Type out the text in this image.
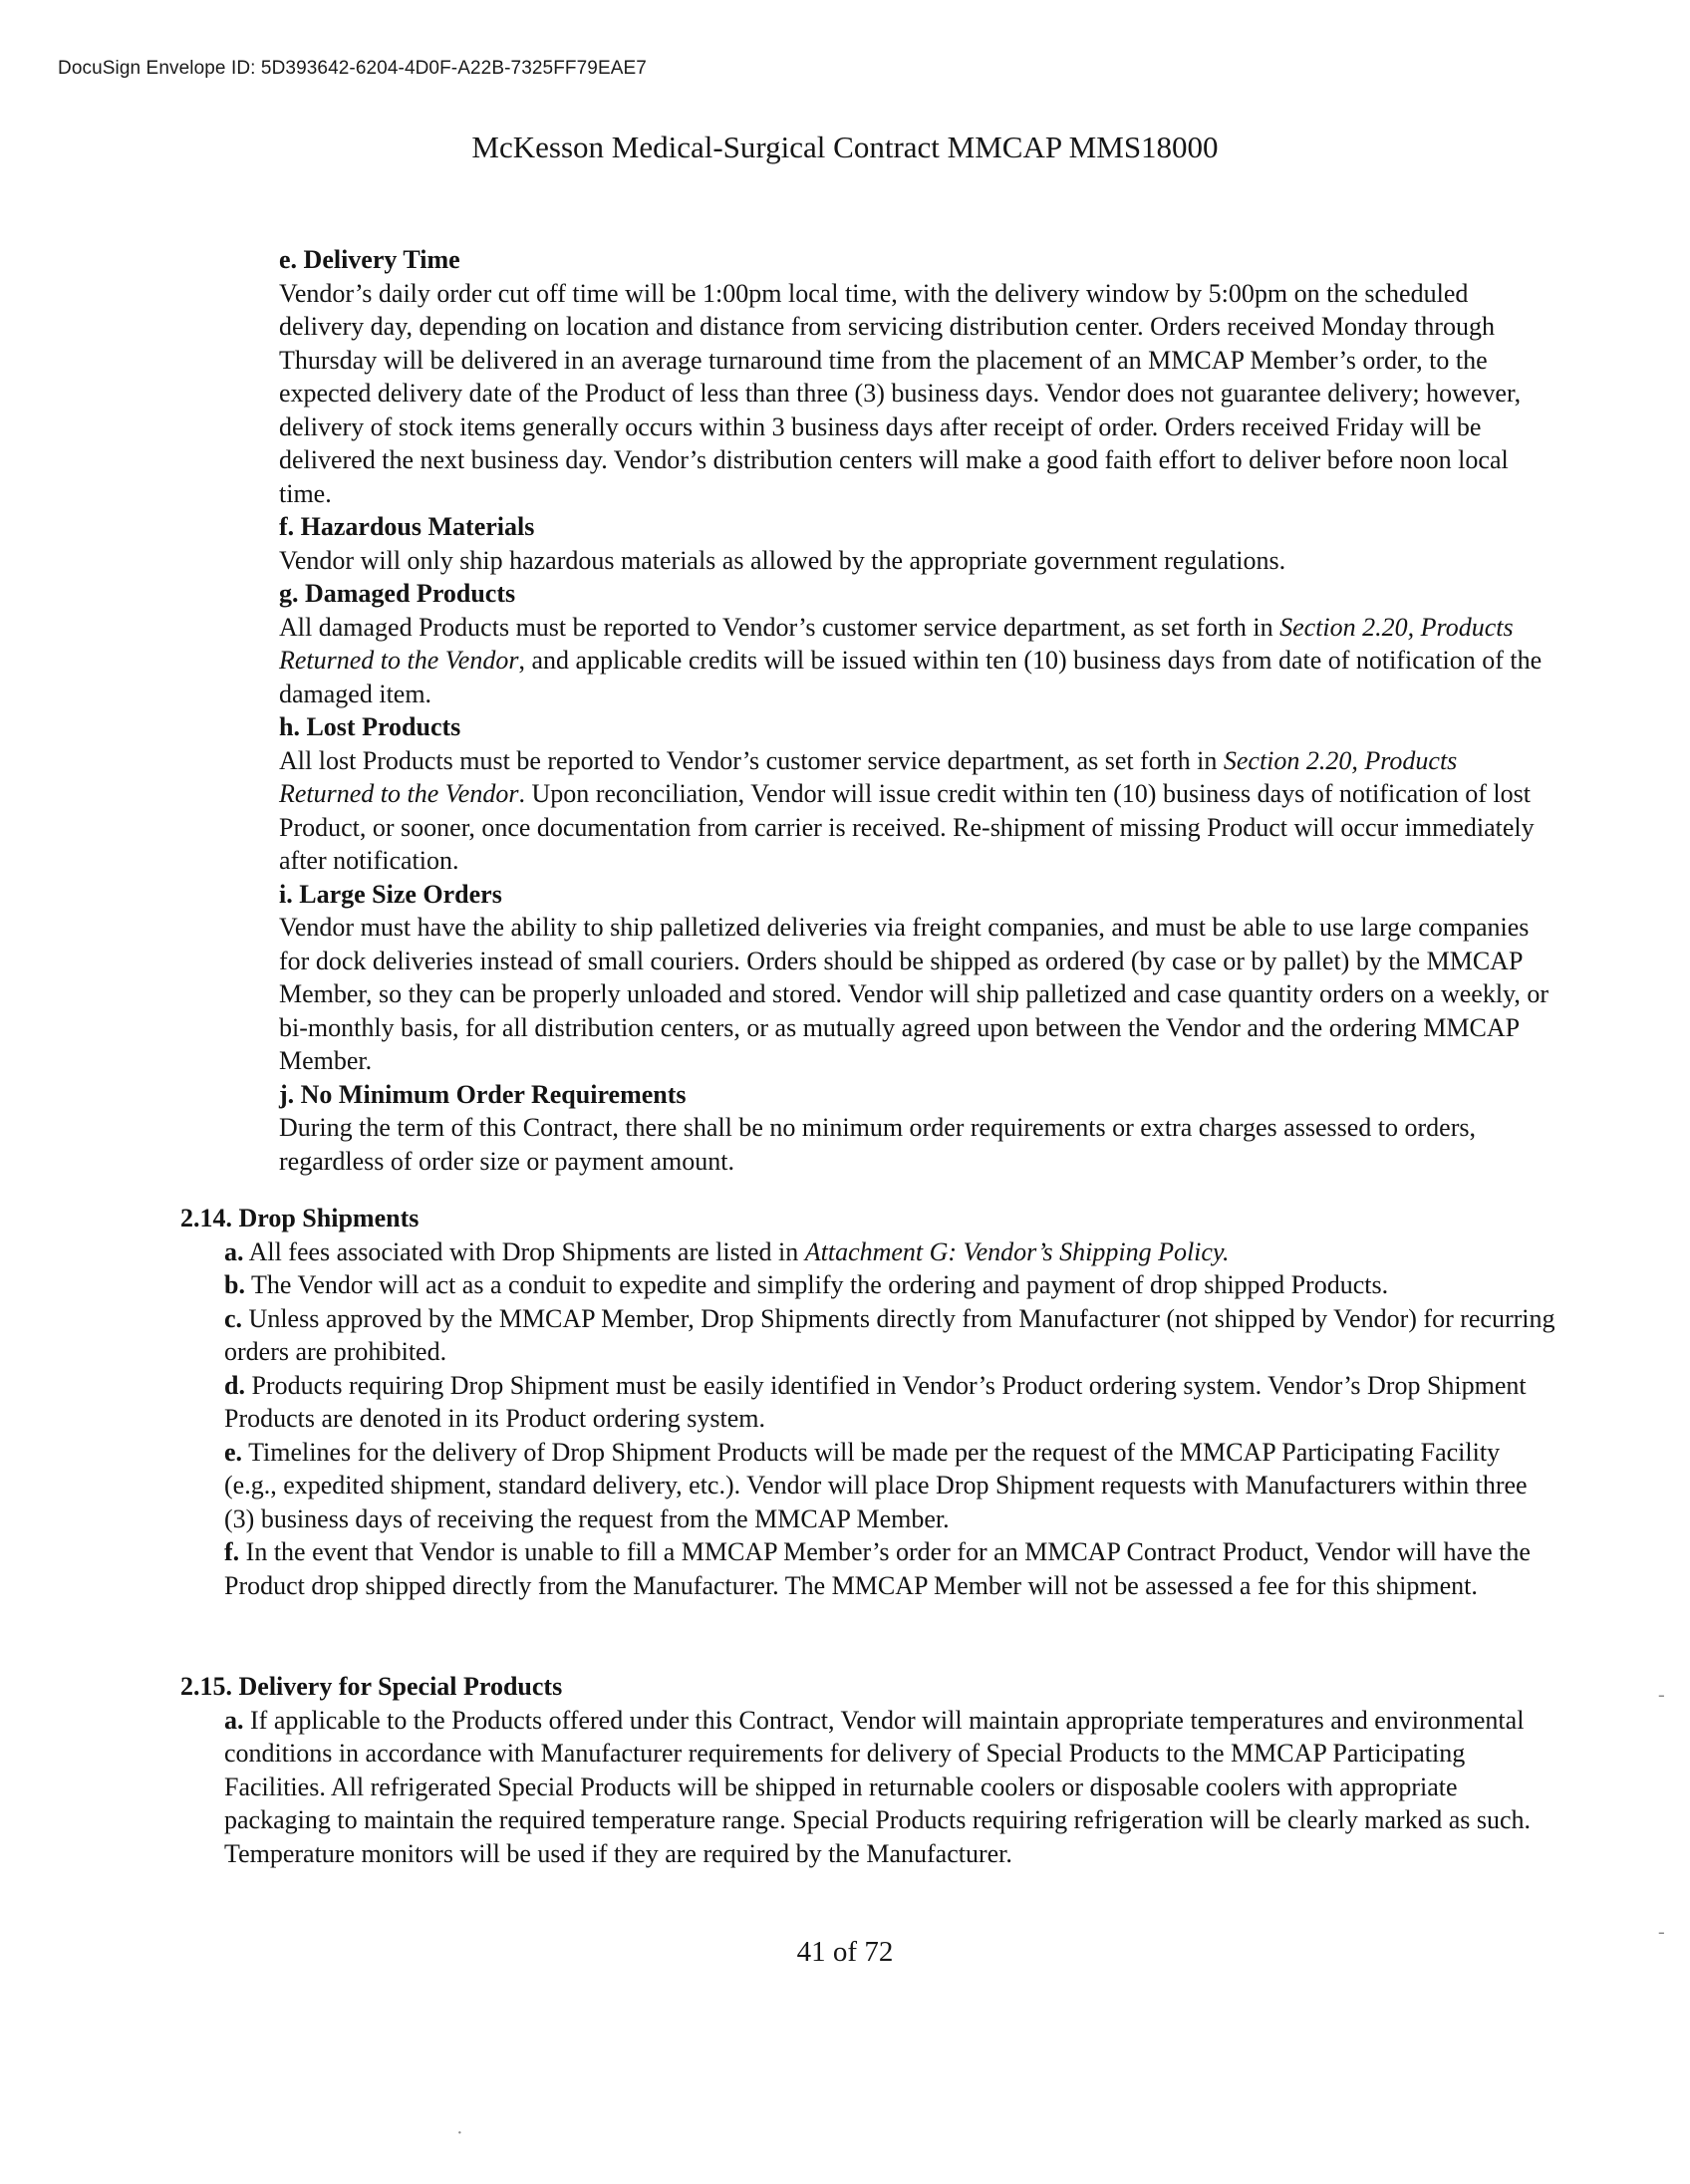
DocuSign Envelope ID: 5D393642-6204-4D0F-A22B-7325FF79EAE7
McKesson Medical-Surgical Contract MMCAP MMS18000

e. Delivery Time

Vendor’s daily order cut off time will be 1:00pm local time, with the delivery window by 5:00pm on the scheduled delivery day, depending on location and distance from servicing distribution center. Orders received Monday through Thursday will be delivered in an average turnaround time from the placement of an MMCAP Member’s order, to the expected delivery date of the Product of less than three (3) business days. Vendor does not guarantee delivery; however, delivery of stock items generally occurs within 3 business days after receipt of order. Orders received Friday will be delivered the next business day. Vendor’s distribution centers will make a good faith effort to deliver before noon local time.

f. Hazardous Materials

Vendor will only ship hazardous materials as allowed by the appropriate government regulations.

g. Damaged Products

All damaged Products must be reported to Vendor’s customer service department, as set forth in Section 2.20, Products Returned to the Vendor, and applicable credits will be issued within ten (10) business days from date of notification of the damaged item.

h. Lost Products

All lost Products must be reported to Vendor’s customer service department, as set forth in Section 2.20, Products Returned to the Vendor. Upon reconciliation, Vendor will issue credit within ten (10) business days of notification of lost Product, or sooner, once documentation from carrier is received. Re-shipment of missing Product will occur immediately after notification.

i. Large Size Orders

Vendor must have the ability to ship palletized deliveries via freight companies, and must be able to use large companies for dock deliveries instead of small couriers. Orders should be shipped as ordered (by case or by pallet) by the MMCAP Member, so they can be properly unloaded and stored. Vendor will ship palletized and case quantity orders on a weekly, or bi-monthly basis, for all distribution centers, or as mutually agreed upon between the Vendor and the ordering MMCAP Member.

j. No Minimum Order Requirements

During the term of this Contract, there shall be no minimum order requirements or extra charges assessed to orders, regardless of order size or payment amount.

2.14. Drop Shipments

a. All fees associated with Drop Shipments are listed in Attachment G: Vendor’s Shipping Policy.

b. The Vendor will act as a conduit to expedite and simplify the ordering and payment of drop shipped Products.

c. Unless approved by the MMCAP Member, Drop Shipments directly from Manufacturer (not shipped by Vendor) for recurring orders are prohibited.

d. Products requiring Drop Shipment must be easily identified in Vendor’s Product ordering system. Vendor’s Drop Shipment Products are denoted in its Product ordering system.

e. Timelines for the delivery of Drop Shipment Products will be made per the request of the MMCAP Participating Facility (e.g., expedited shipment, standard delivery, etc.). Vendor will place Drop Shipment requests with Manufacturers within three (3) business days of receiving the request from the MMCAP Member.

f. In the event that Vendor is unable to fill a MMCAP Member’s order for an MMCAP Contract Product, Vendor will have the Product drop shipped directly from the Manufacturer. The MMCAP Member will not be assessed a fee for this shipment.

2.15. Delivery for Special Products

a. If applicable to the Products offered under this Contract, Vendor will maintain appropriate temperatures and environmental conditions in accordance with Manufacturer requirements for delivery of Special Products to the MMCAP Participating Facilities. All refrigerated Special Products will be shipped in returnable coolers or disposable coolers with appropriate packaging to maintain the required temperature range. Special Products requiring refrigeration will be clearly marked as such. Temperature monitors will be used if they are required by the Manufacturer.

41 of 72
-
-
·
